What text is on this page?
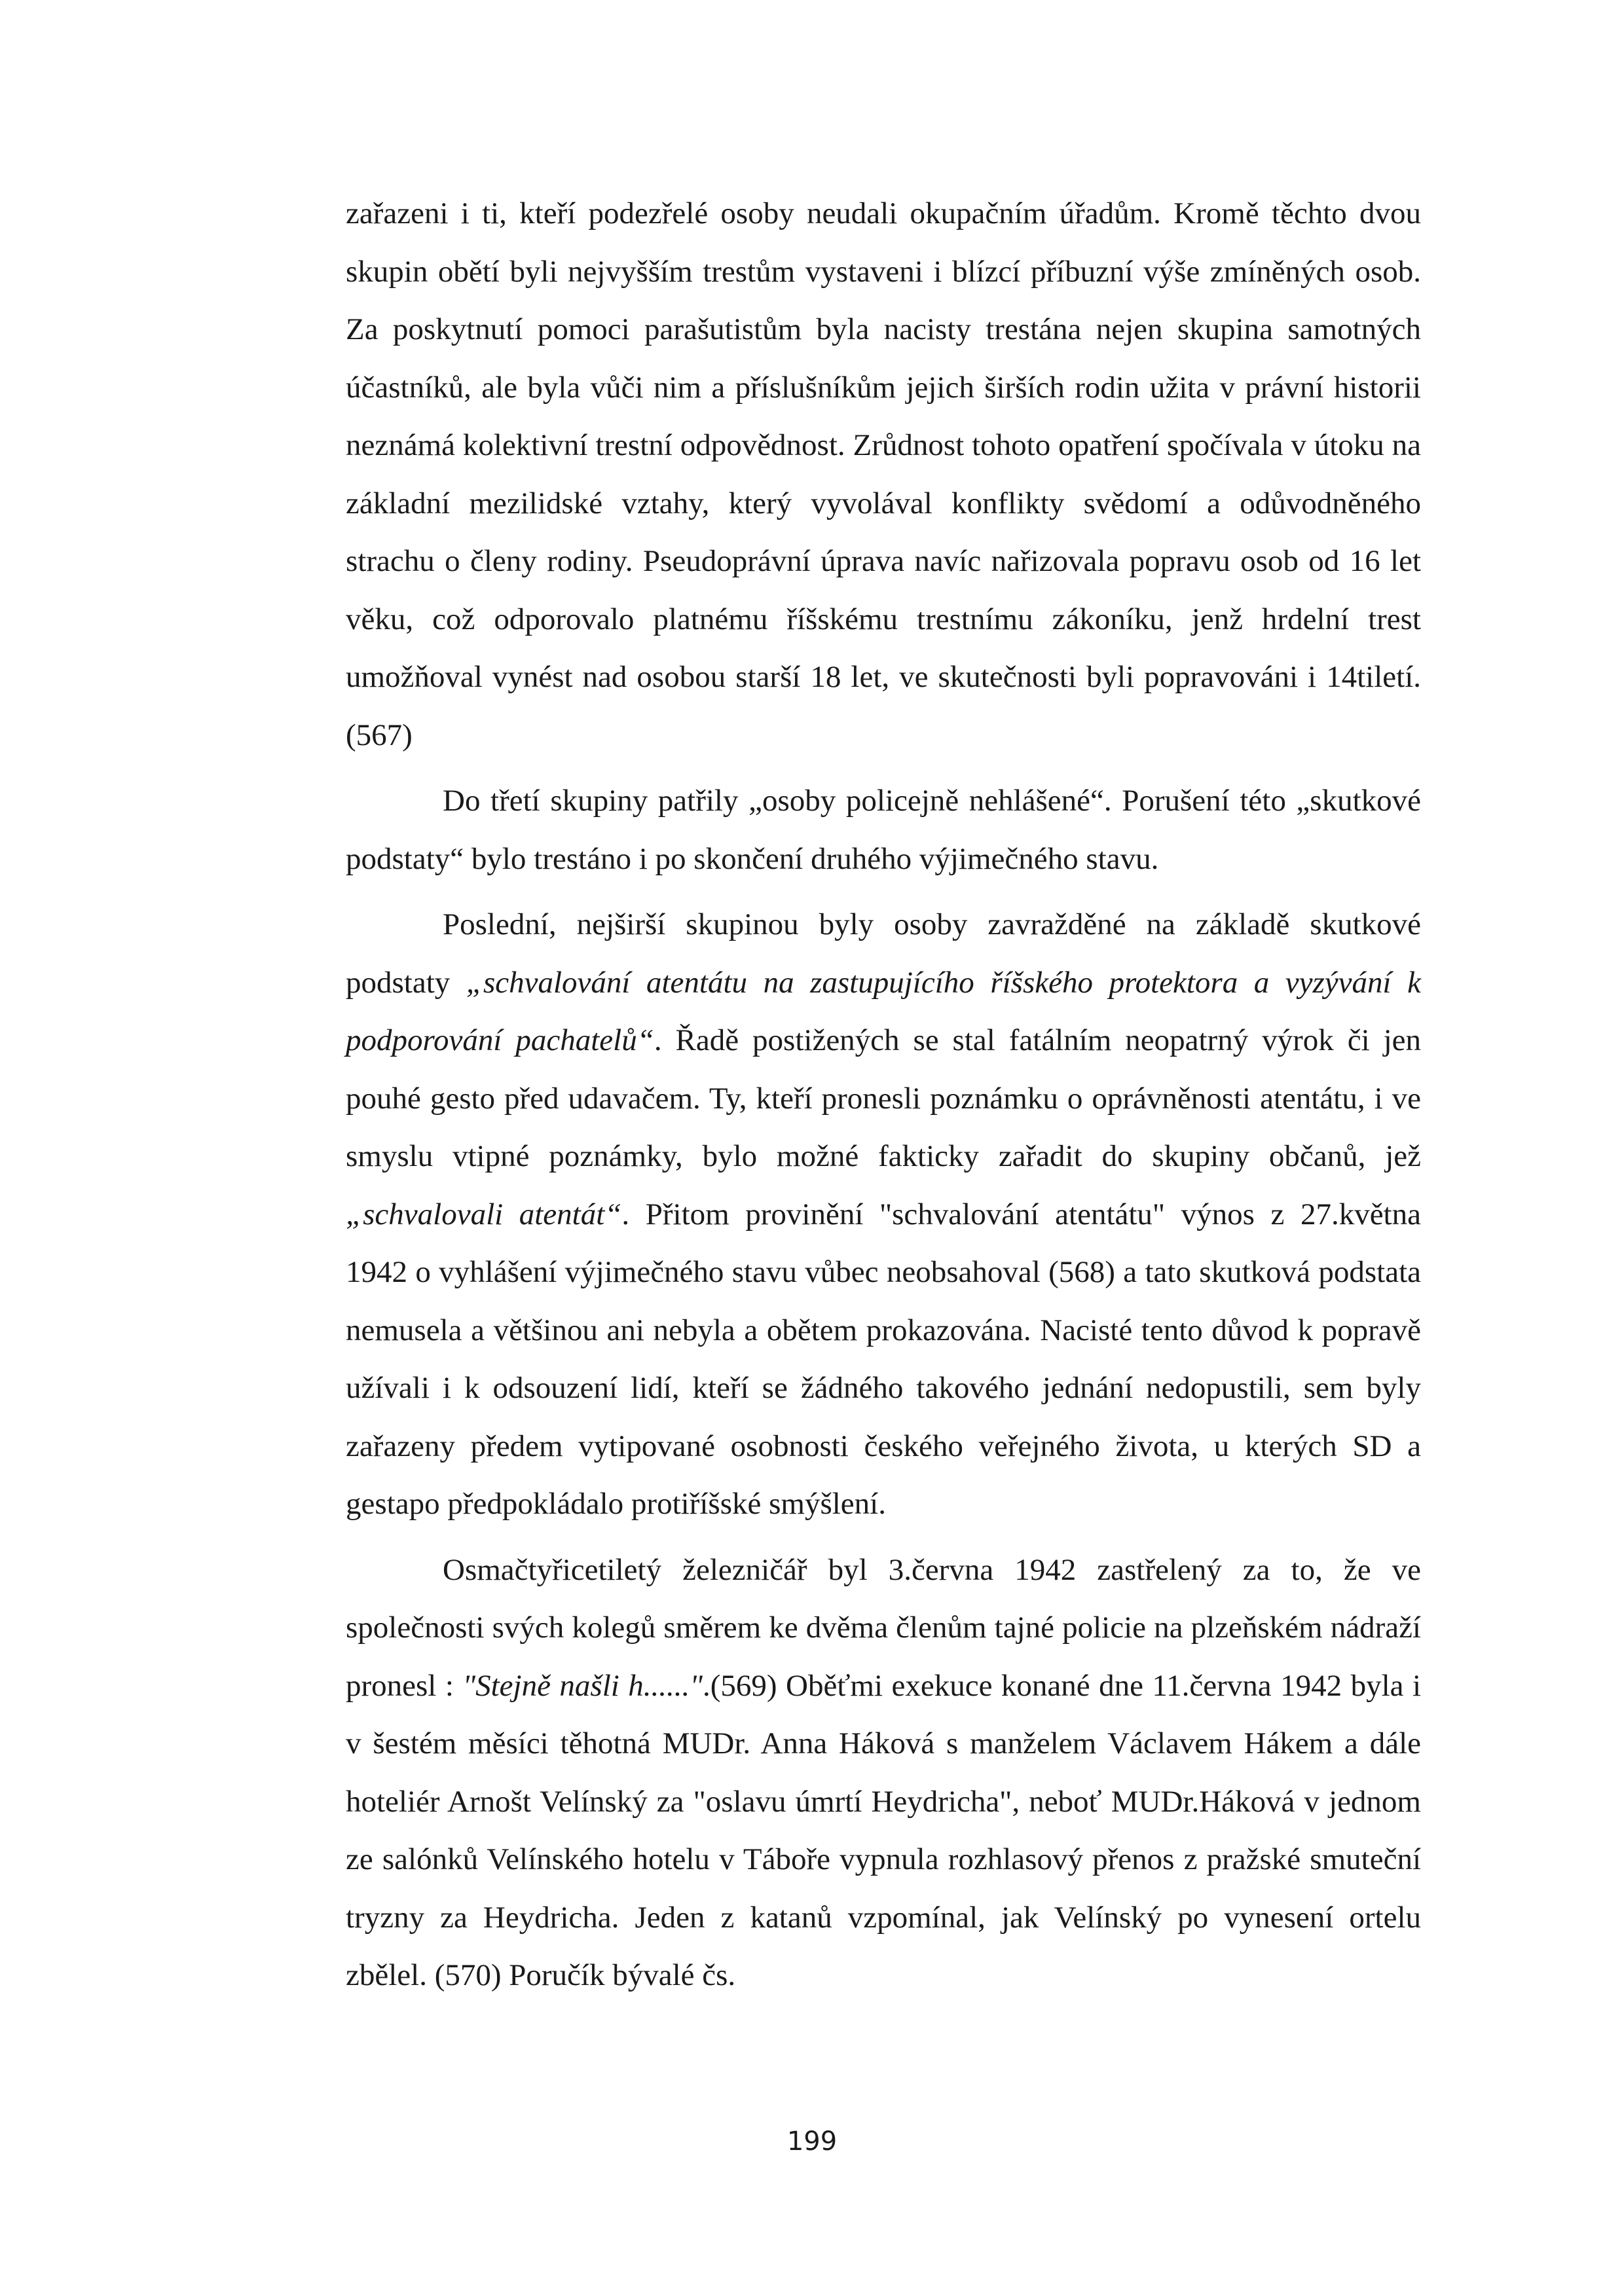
zařazeni i ti, kteří podezřelé osoby neudali okupačním úřadům. Kromě těchto dvou skupin obětí byli nejvyšším trestům vystaveni i blízcí příbuzní výše zmíněných osob. Za poskytnutí pomoci parašutistům byla nacisty trestána nejen skupina samotných účastníků, ale byla vůči nim a příslušníkům jejich širších rodin užita v právní historii neznámá kolektivní trestní odpovědnost. Zrůdnost tohoto opatření spočívala v útoku na základní mezilidské vztahy, který vyvolával konflikty svědomí a odůvodněného strachu o členy rodiny. Pseudoprávní úprava navíc nařizovala popravu osob od 16 let věku, což odporovalo platnému říšskému trestnímu zákoníku, jenž hrdelní trest umožňoval vynést nad osobou starší 18 let, ve skutečnosti byli popravováni i 14tiletí. (567)

Do třetí skupiny patřily „osoby policejně nehlášené“. Porušení této „skutkové podstaty“ bylo trestáno i po skončení druhého výjimečného stavu.

Poslední, nejširší skupinou byly osoby zavražděné na základě skutkové podstaty „schvalování atentátu na zastupujícího říšského protektora a vyzývání k podporování pachatelů“. Řadě postižených se stal fatálním neopatrný výrok či jen pouhé gesto před udavačem. Ty, kteří pronesli poznámku o oprávněnosti atentátu, i ve smyslu vtipné poznámky, bylo možné fakticky zařadit do skupiny občanů, jež „schvalovali atentát“. Přitom provinění "schvalování atentátu" výnos z 27.května 1942 o vyhlášení výjimečného stavu vůbec neobsahoval (568) a tato skutková podstata nemusela a většinou ani nebyla a obětem prokazována. Nacisté tento důvod k popravě užívali i k odsouzení lidí, kteří se žádného takového jednání nedopustili, sem byly zařazeny předem vytipované osobnosti českého veřejného života, u kterých SD a gestapo předpokládalo protiříšské smýšlení.

Osmačtyřicetiletý železničář byl 3.června 1942 zastřelený za to, že ve společnosti svých kolegů směrem ke dvěma členům tajné policie na plzeňském nádraží pronesl : "Stejně našli h......".(569) Oběťmi exekuce konané dne 11.června 1942 byla i v šestém měsíci těhotná MUDr. Anna Háková s manželem Václavem Hákem a dále hoteliér Arnošt Velínský za "oslavu úmrtí Heydricha", neboť MUDr.Háková v jednom ze salónků Velínského hotelu v Táboře vypnula rozhlasový přenos z pražské smuteční tryzny za Heydricha. Jeden z katanů vzpomínal, jak Velínský po vynesení ortelu zbělel. (570) Poručík bývalé čs.

199
